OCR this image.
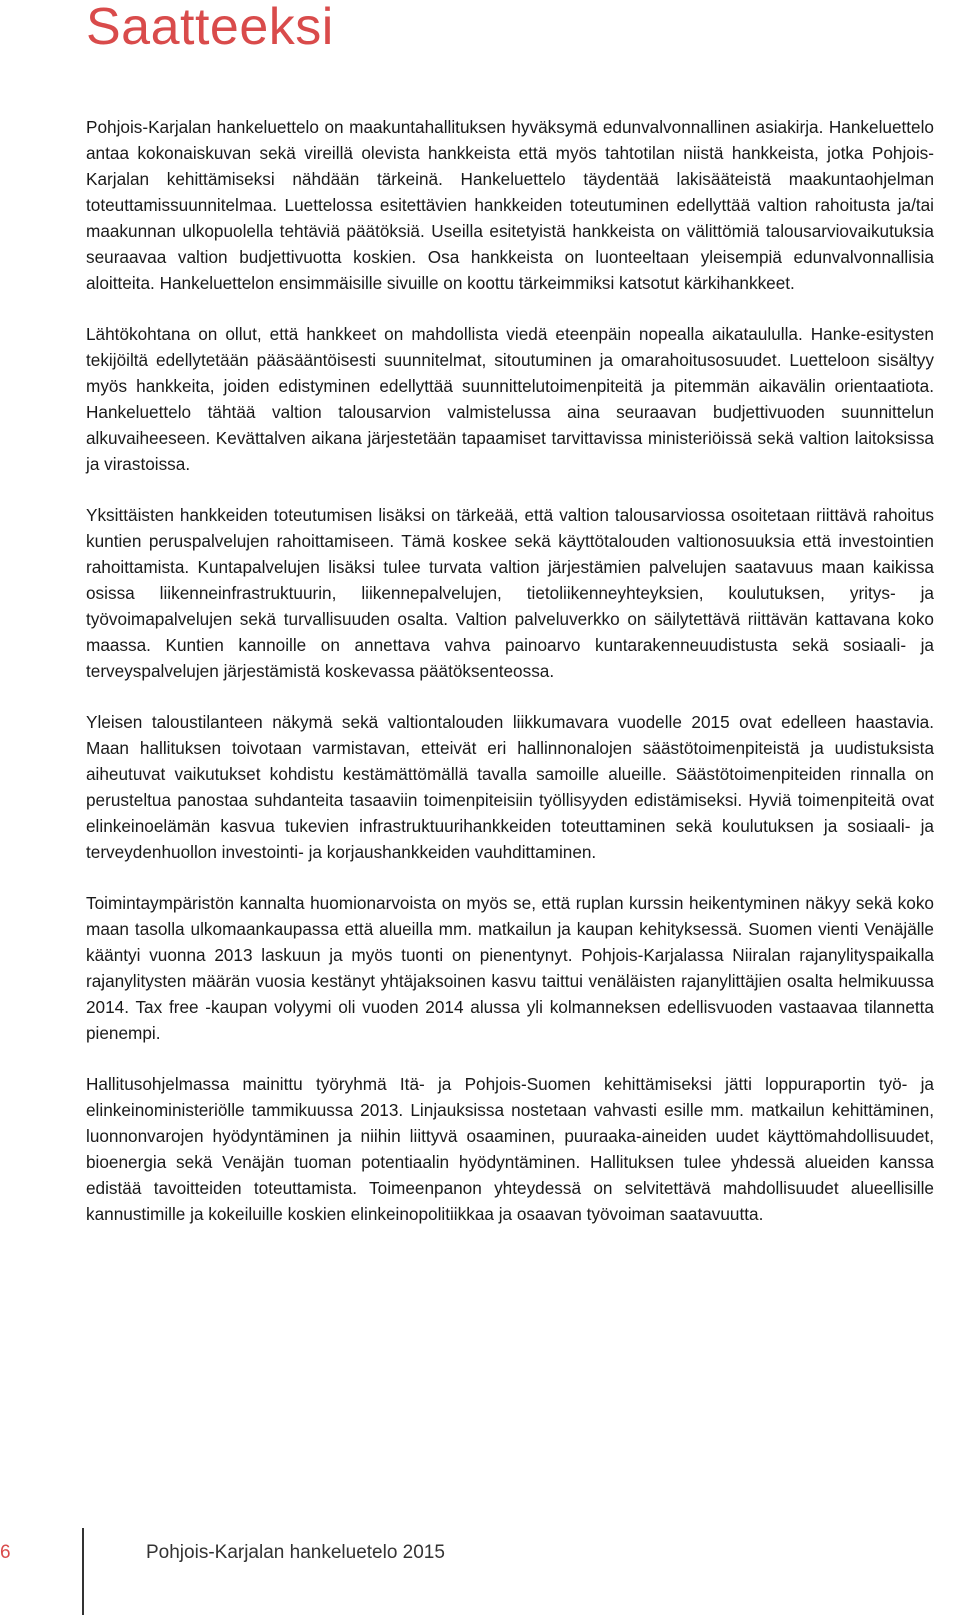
Saatteeksi

Pohjois-Karjalan hankeluettelo on maakuntahallituksen hyväksymä edunvalvonnallinen asiakirja. Hankeluettelo antaa kokonaiskuvan sekä vireillä olevista hankkeista että myös tahtotilan niistä hankkeista, jotka Pohjois-Karjalan kehittämiseksi nähdään tärkeinä. Hankeluettelo täydentää lakisääteistä maakuntaohjelman toteuttamissuunnitelmaa. Luettelossa esitettävien hankkeiden toteutuminen edellyttää valtion rahoitusta ja/tai maakunnan ulkopuolella tehtäviä päätöksiä. Useilla esitetyistä hankkeista on välittömiä talousarviovaikutuksia seuraavaa valtion budjettivuotta koskien. Osa hankkeista on luonteeltaan yleisempiä edunvalvonnallisia aloitteita. Hankeluettelon ensimmäisille sivuille on koottu tärkeimmiksi katsotut kärkihankkeet.

Lähtökohtana on ollut, että hankkeet on mahdollista viedä eteenpäin nopealla aikataululla. Hanke-esitysten tekijöiltä edellytetään pääsääntöisesti suunnitelmat, sitoutuminen ja omarahoitusosuudet. Luetteloon sisältyy myös hankkeita, joiden edistyminen edellyttää suunnittelutoimenpiteitä ja pitemmän aikavälin orientaatiota. Hankeluettelo tähtää valtion talousarvion valmistelussa aina seuraavan budjettivuoden suunnittelun alkuvaiheeseen. Kevättalven aikana järjestetään tapaamiset tarvittavissa ministeriöissä sekä valtion laitoksissa ja virastoissa.

Yksittäisten hankkeiden toteutumisen lisäksi on tärkeää, että valtion talousarviossa osoitetaan riittävä rahoitus kuntien peruspalvelujen rahoittamiseen. Tämä koskee sekä käyttötalouden valtionosuuksia että investointien rahoittamista. Kuntapalvelujen lisäksi tulee turvata valtion järjestämien palvelujen saatavuus maan kaikissa osissa liikenneinfrastruktuurin, liikennepalvelujen, tietoliikenneyhteyksien, koulutuksen, yritys- ja työvoimapalvelujen sekä turvallisuuden osalta. Valtion palveluverkko on säilytettävä riittävän kattavana koko maassa. Kuntien kannoille on annettava vahva painoarvo kuntarakenneuudistusta sekä sosiaali- ja terveyspalvelujen järjestämistä koskevassa päätöksenteossa.

Yleisen taloustilanteen näkymä sekä valtiontalouden liikkumavara vuodelle 2015 ovat edelleen haastavia. Maan hallituksen toivotaan varmistavan, etteivät eri hallinnonalojen säästötoimenpiteistä ja uudistuksista aiheutuvat vaikutukset kohdistu kestämättömällä tavalla samoille alueille. Säästötoimenpiteiden rinnalla on perusteltua panostaa suhdanteita tasaaviin toimenpiteisiin työllisyyden edistämiseksi. Hyviä toimenpiteitä ovat elinkeinoelämän kasvua tukevien infrastruktuurihankkeiden toteuttaminen sekä koulutuksen ja sosiaali- ja terveydenhuollon investointi- ja korjaushankkeiden vauhdittaminen.

Toimintaympäristön kannalta huomionarvoista on myös se, että ruplan kurssin heikentyminen näkyy sekä koko maan tasolla ulkomaankaupassa että alueilla mm. matkailun ja kaupan kehityksessä. Suomen vienti Venäjälle kääntyi vuonna 2013 laskuun ja myös tuonti on pienentynyt. Pohjois-Karjalassa Niiralan rajanylityspaikalla rajanylitysten määrän vuosia kestänyt yhtäjaksoinen kasvu taittui venäläisten rajanylittäjien osalta helmikuussa 2014. Tax free -kaupan volyymi oli vuoden 2014 alussa yli kolmanneksen edellisvuoden vastaavaa tilannetta pienempi.

Hallitusohjelmassa mainittu työryhmä Itä- ja Pohjois-Suomen kehittämiseksi jätti loppuraportin työ- ja elinkeinoministeriölle tammikuussa 2013. Linjauksissa nostetaan vahvasti esille mm. matkailun kehittäminen, luonnonvarojen hyödyntäminen ja niihin liittyvä osaaminen, puuraaka-aineiden uudet käyttömahdollisuudet, bioenergia sekä Venäjän tuoman potentiaalin hyödyntäminen. Hallituksen tulee yhdessä alueiden kanssa edistää tavoitteiden toteuttamista. Toimeenpanon yhteydessä on selvitettävä mahdollisuudet alueellisille kannustimille ja kokeiluille koskien elinkeinopolitiikkaa ja osaavan työvoiman saatavuutta.

6	Pohjois-Karjalan hankeluetelo 2015
